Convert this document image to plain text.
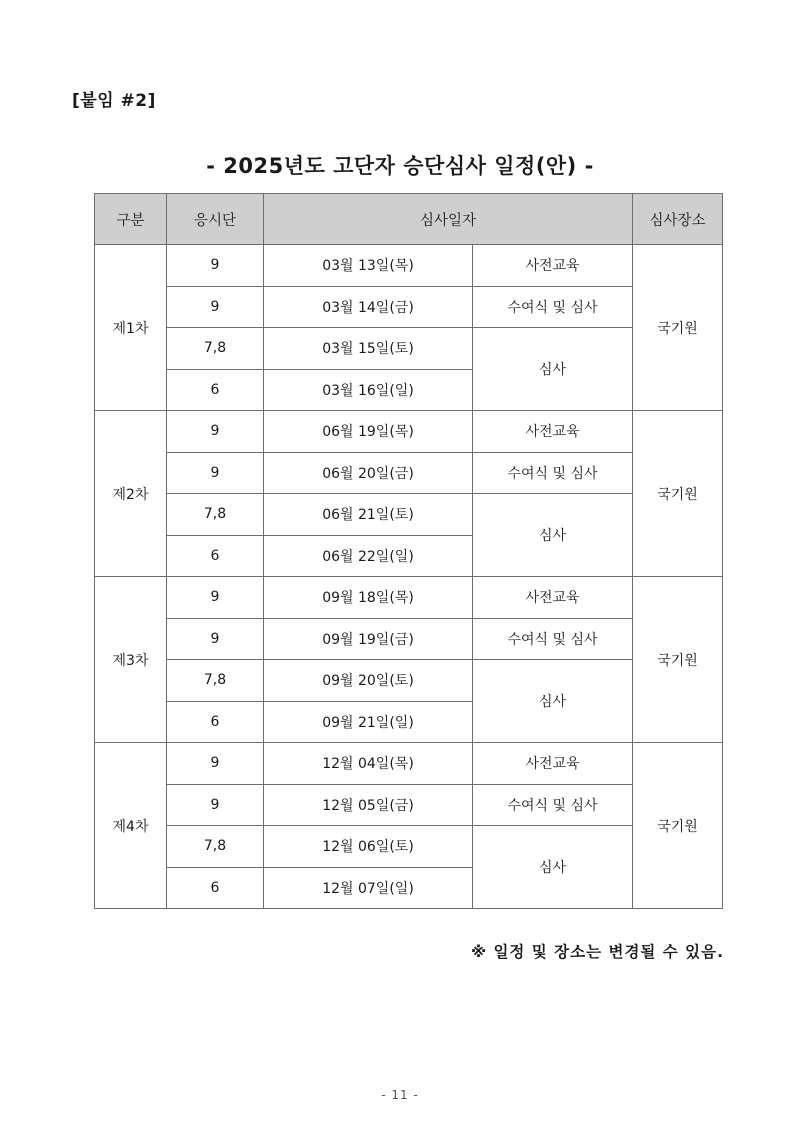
[붙임 #2]
- 2025년도 고단자 승단심사 일정(안) -
구분	응시단	심사일자		심사장소
제1차	9	03월 13일(목)	사전교육	국기원
	9	03월 14일(금)	수여식 및 심사	
	7,8	03월 15일(토)	심사	
	6	03월 16일(일)		
제2차	9	06월 19일(목)	사전교육	국기원
	9	06월 20일(금)	수여식 및 심사	
	7,8	06월 21일(토)	심사	
	6	06월 22일(일)		
제3차	9	09월 18일(목)	사전교육	국기원
	9	09월 19일(금)	수여식 및 심사	
	7,8	09월 20일(토)	심사	
	6	09월 21일(일)		
제4차	9	12월 04일(목)	사전교육	국기원
	9	12월 05일(금)	수여식 및 심사	
	7,8	12월 06일(토)	심사	
	6	12월 07일(일)		
※ 일정 및 장소는 변경될 수 있음.
- 11 -
